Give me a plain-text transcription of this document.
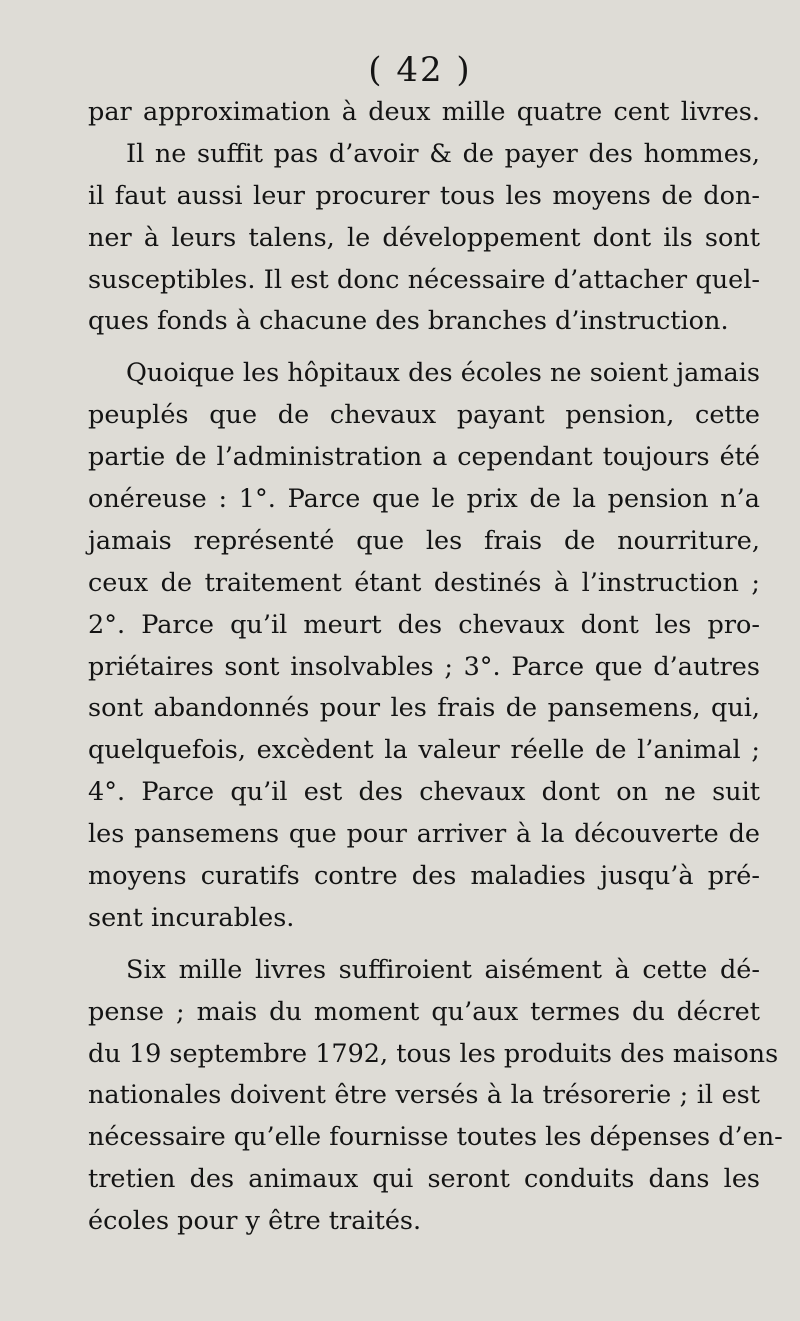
( 42 )
par approximation à deux mille quatre cent livres.
Il ne suffit pas d’avoir & de payer des hommes,
il faut aussi leur procurer tous les moyens de don-
ner à leurs talens, le développement dont ils sont
susceptibles. Il est donc nécessaire d’attacher quel-
ques fonds à chacune des branches d’instruction.
Quoique les hôpitaux des écoles ne soient jamais
peuplés que de chevaux payant pension, cette
partie de l’administration a cependant toujours été
onéreuse : 1°. Parce que le prix de la pension n’a
jamais représenté que les frais de nourriture,
ceux de traitement étant destinés à l’instruction ;
2°. Parce qu’il meurt des chevaux dont les pro-
priétaires sont insolvables ; 3°. Parce que d’autres
sont abandonnés pour les frais de pansemens, qui,
quelquefois, excèdent la valeur réelle de l’animal ;
4°. Parce qu’il est des chevaux dont on ne suit
les pansemens que pour arriver à la découverte de
moyens curatifs contre des maladies jusqu’à pré-
sent incurables.
Six mille livres suffiroient aisément à cette dé-
pense ; mais du moment qu’aux termes du décret
du 19 septembre 1792, tous les produits des maisons
nationales doivent être versés à la trésorerie ; il est
nécessaire qu’elle fournisse toutes les dépenses d’en-
tretien des animaux qui seront conduits dans les
écoles pour y être traités.
